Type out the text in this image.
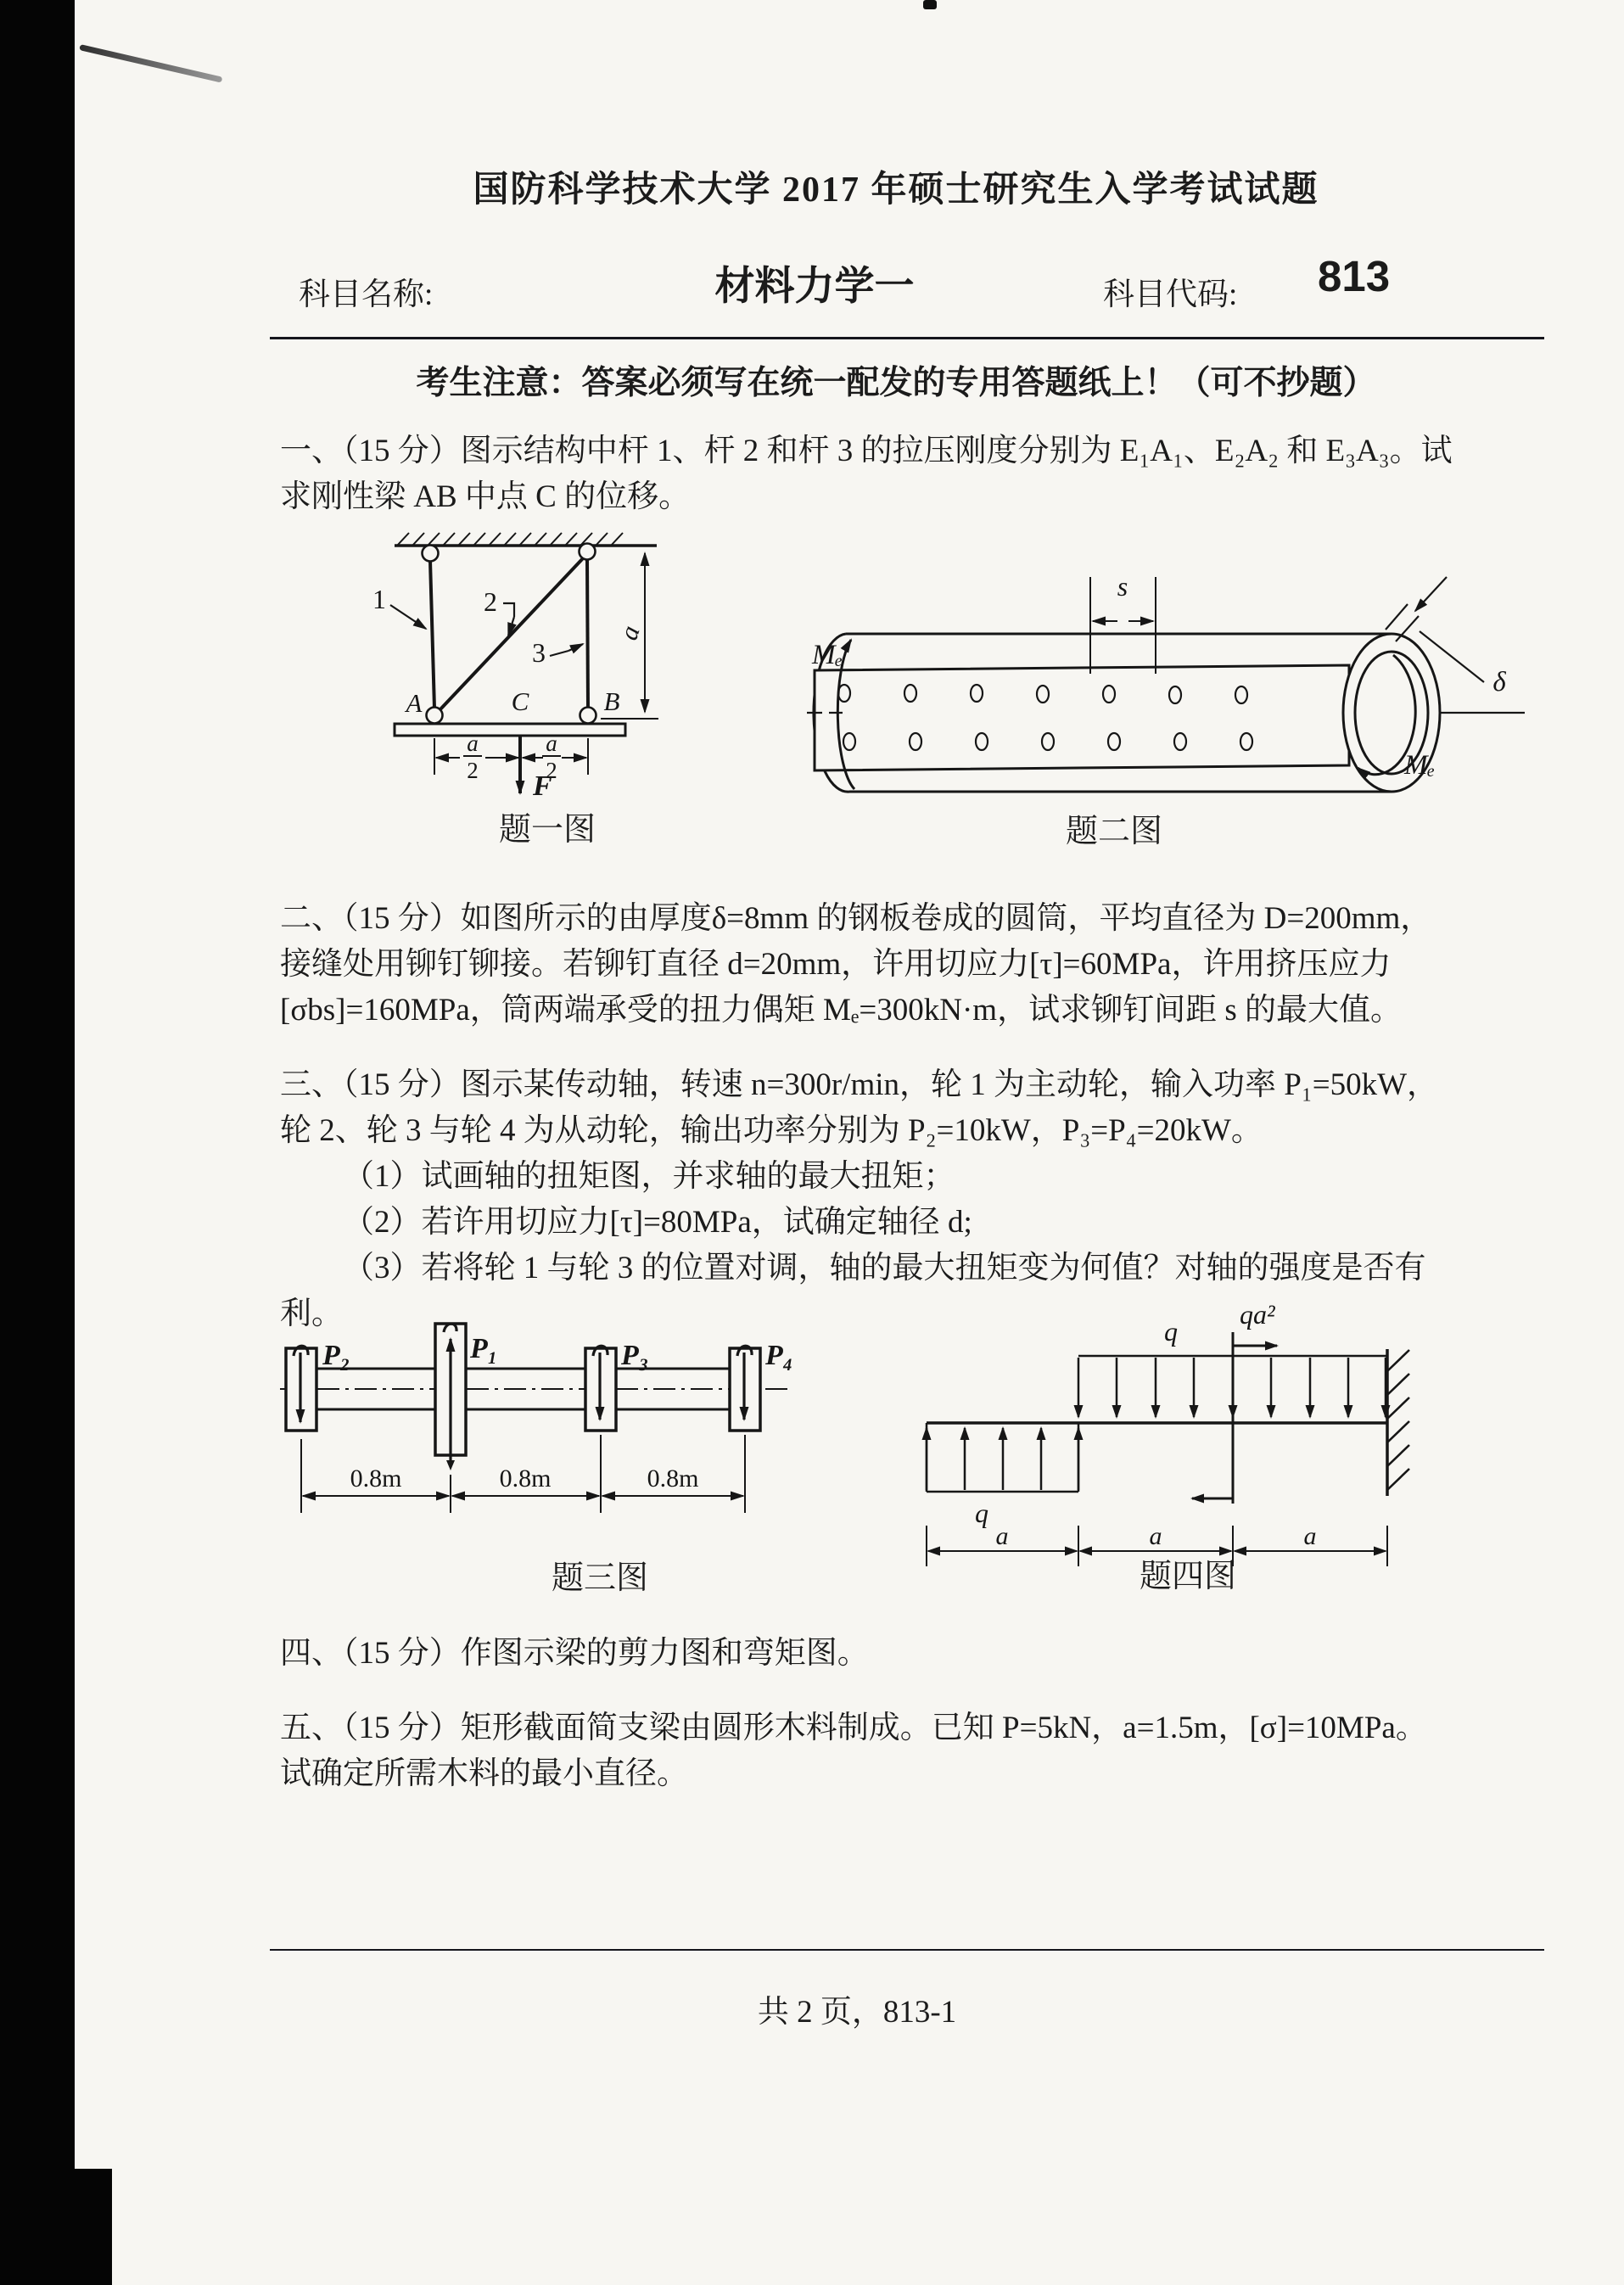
国防科学技术大学 2017 年硕士研究生入学考试试题
科目名称:	材料力学一	科目代码: 813
考生注意：答案必须写在统一配发的专用答题纸上！（可不抄题）
一、（15 分）图示结构中杆 1、杆 2 和杆 3 的拉压刚度分别为 E₁A₁、E₂A₂ 和 E₃A₃。试
求刚性梁 AB 中点 C 的位移。
1	2
3
A	C	B
a
2
a
2
a
F
题一图
Mₑ
Mₑ
s
δ
题二图
二、（15 分）如图所示的由厚度δ=8mm 的钢板卷成的圆筒，平均直径为 D=200mm，
接缝处用铆钉铆接。若铆钉直径 d=20mm，许用切应力[τ]=60MPa，许用挤压应力
[σbs]=160MPa，筒两端承受的扭力偶矩 Mₑ=300kN·m，试求铆钉间距 s 的最大值。
三、（15 分）图示某传动轴，转速 n=300r/min，轮 1 为主动轮，输入功率 P₁=50kW，
轮 2、轮 3 与轮 4 为从动轮，输出功率分别为 P₂=10kW，P₃=P₄=20kW。
（1）试画轴的扭矩图，并求轴的最大扭矩；
（2）若许用切应力[τ]=80MPa，试确定轴径 d;
（3）若将轮 1 与轮 3 的位置对调，轴的最大扭矩变为何值？对轴的强度是否有
利。
P₂	P₁	P₃	P₄
0.8m	0.8m	0.8m
题三图
q
q
qa²
a	a	a
题四图
四、（15 分）作图示梁的剪力图和弯矩图。
五、（15 分）矩形截面简支梁由圆形木料制成。已知 P=5kN，a=1.5m，[σ]=10MPa。
试确定所需木料的最小直径。
共 2 页，813-1
